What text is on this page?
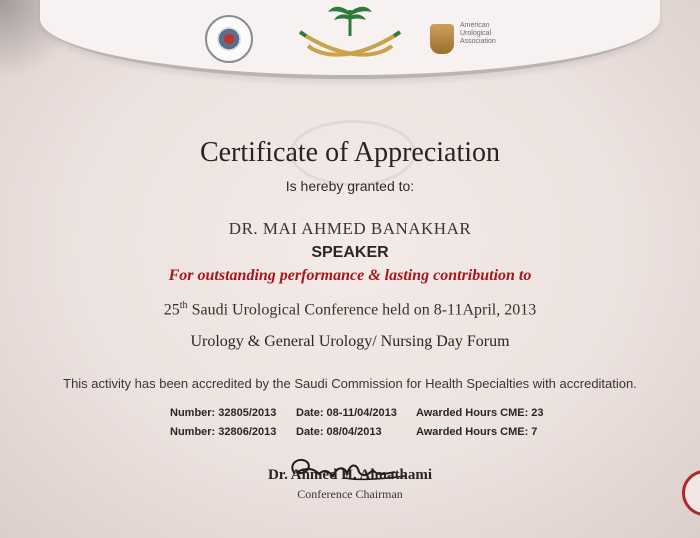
American
Urological
Association
Certificate of Appreciation
Is hereby granted to:
DR. MAI AHMED BANAKHAR
SPEAKER
For outstanding performance & lasting contribution to
25th Saudi Urological Conference held on 8-11April, 2013
Urology & General Urology/ Nursing Day Forum
This activity has been accredited by the Saudi Commission for Health Specialties with accreditation.
Number: 32805/2013 Date: 08-11/04/2013 Awarded Hours CME: 23
Number: 32806/2013 Date: 08/04/2013	Awarded Hours CME: 7
Dr. Ahmed H. Almathami
Conference Chairman
